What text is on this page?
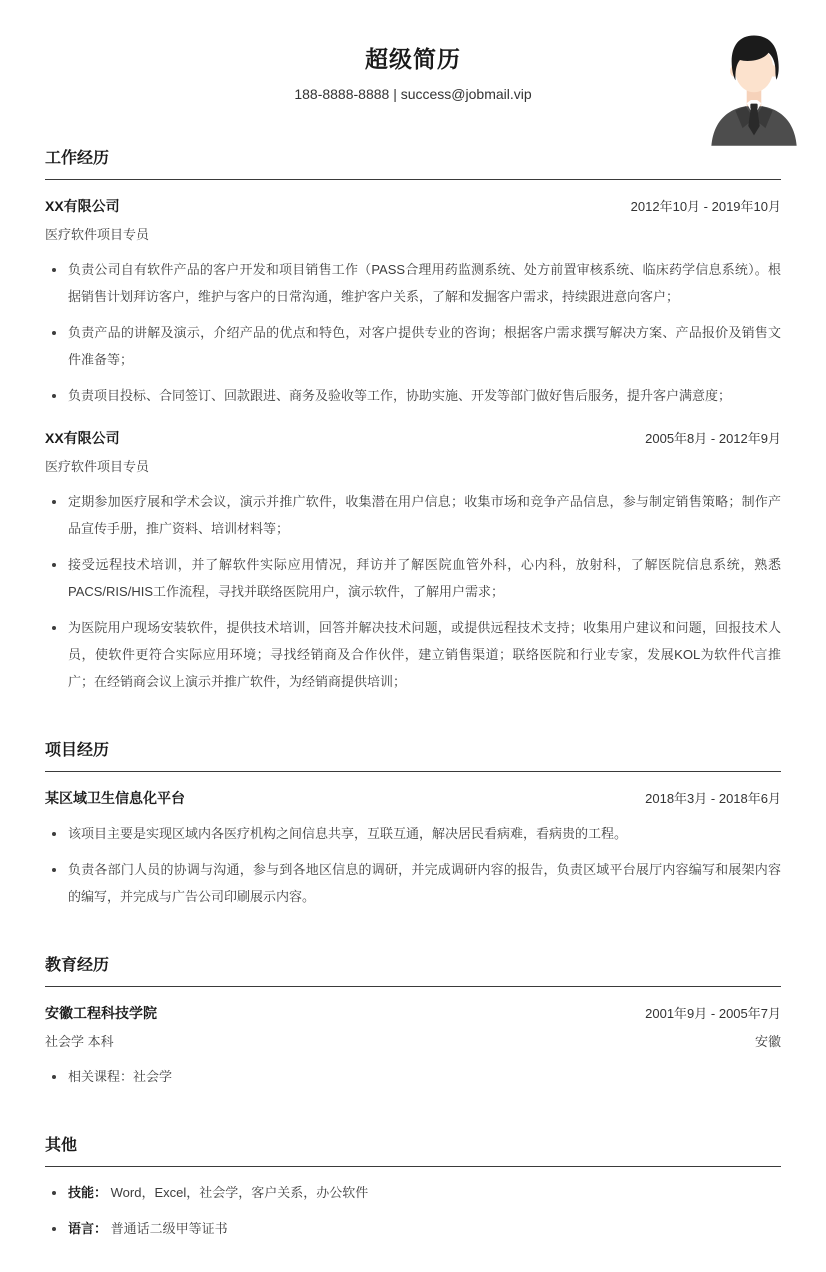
超级简历
188-8888-8888 | success@jobmail.vip
工作经历
XX有限公司	2012年10月 - 2019年10月
医疗软件项目专员
负责公司自有软件产品的客户开发和项目销售工作（PASS合理用药监测系统、处方前置审核系统、临床药学信息系统）。根据销售计划拜访客户，维护与客户的日常沟通，维护客户关系，了解和发掘客户需求，持续跟进意向客户；
负责产品的讲解及演示，介绍产品的优点和特色，对客户提供专业的咨询；根据客户需求撰写解决方案、产品报价及销售文件准备等；
负责项目投标、合同签订、回款跟进、商务及验收等工作，协助实施、开发等部门做好售后服务，提升客户满意度；
XX有限公司	2005年8月 - 2012年9月
医疗软件项目专员
定期参加医疗展和学术会议，演示并推广软件，收集潜在用户信息；收集市场和竞争产品信息，参与制定销售策略；制作产品宣传手册，推广资料、培训材料等；
接受远程技术培训，并了解软件实际应用情况，拜访并了解医院血管外科，心内科，放射科，了解医院信息系统，熟悉PACS/RIS/HIS工作流程，寻找并联络医院用户，演示软件，了解用户需求；
为医院用户现场安装软件，提供技术培训，回答并解决技术问题，或提供远程技术支持；收集用户建议和问题，回报技术人员，使软件更符合实际应用环境；寻找经销商及合作伙伴，建立销售渠道；联络医院和行业专家，发展KOL为软件代言推广；在经销商会议上演示并推广软件，为经销商提供培训；
项目经历
某区域卫生信息化平台	2018年3月 - 2018年6月
该项目主要是实现区域内各医疗机构之间信息共享，互联互通，解决居民看病难，看病贵的工程。
负责各部门人员的协调与沟通，参与到各地区信息的调研，并完成调研内容的报告，负责区域平台展厅内容编写和展架内容的编写，并完成与广告公司印刷展示内容。
教育经历
安徽工程科技学院	2001年9月 - 2005年7月
社会学 本科	安徽
相关课程：社会学
其他
技能： Word，Excel，社会学，客户关系，办公软件
语言： 普通话二级甲等证书
